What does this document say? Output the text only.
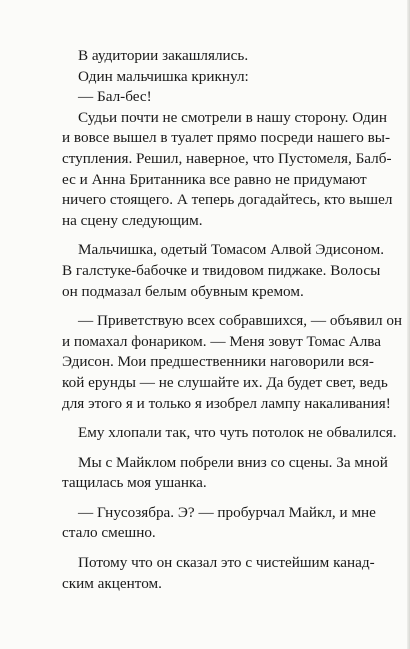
В аудитории закашлялись.
Один мальчишка крикнул:
— Бал-бес!
Судьи почти не смотрели в нашу сторону. Один
и вовсе вышел в туалет прямо посреди нашего вы-
ступления. Решил, наверное, что Пустомеля, Балб-
ес и Анна Британника все равно не придумают
ничего стоящего. А теперь догадайтесь, кто вышел
на сцену следующим.
Мальчишка, одетый Томасом Алвой Эдисоном.
В галстуке-бабочке и твидовом пиджаке. Волосы
он подмазал белым обувным кремом.
— Приветствую всех собравшихся, — объявил он
и помахал фонариком. — Меня зовут Томас Алва
Эдисон. Мои предшественники наговорили вся-
кой ерунды — не слушайте их. Да будет свет, ведь
для этого я и только я изобрел лампу накаливания!
Ему хлопали так, что чуть потолок не обвалился.
Мы с Майклом побрели вниз со сцены. За мной
тащилась моя ушанка.
— Гнусозябра. Э? — пробурчал Майкл, и мне
стало смешно.
Потому что он сказал это с чистейшим канад-
ским акцентом.
